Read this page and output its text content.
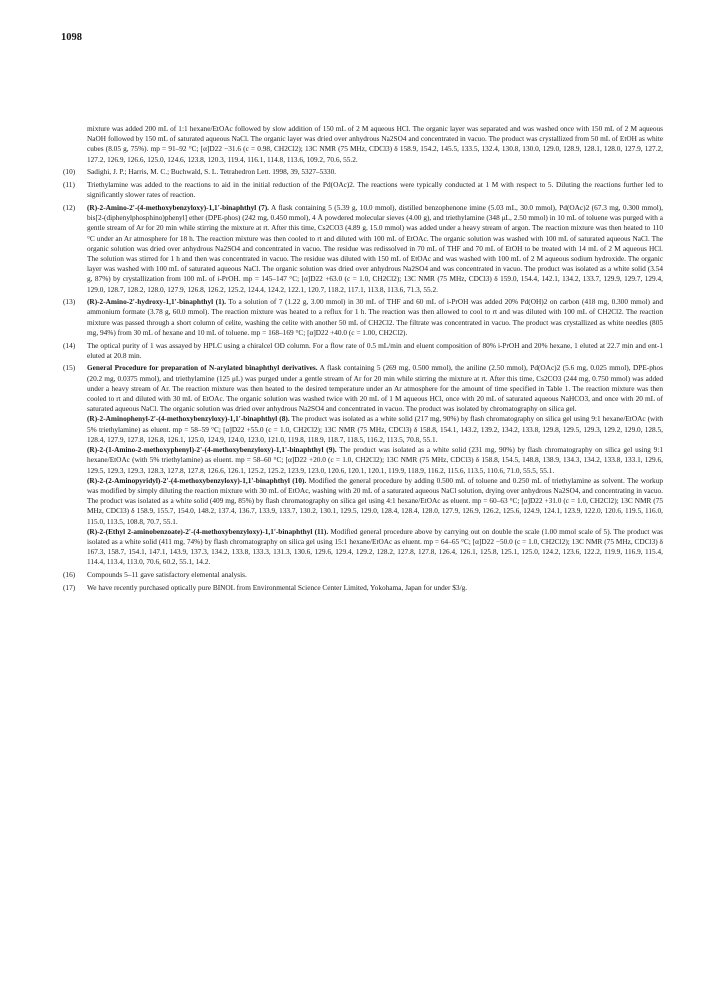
1098

mixture was added 200 mL of 1:1 hexane/EtOAc followed by slow addition of 150 mL of 2 M aqueous HCl. The organic layer was separated and was washed once with 150 mL of 2 M aqueous NaOH followed by 150 mL of saturated aqueous NaCl. The organic layer was dried over anhydrous Na2SO4 and concentrated in vacuo. The product was crystallized from 50 mL of EtOH as white cubes (8.05 g, 75%). mp = 91–92 °C; [α]D22 −31.6 (c = 0.98, CH2Cl2); 13C NMR (75 MHz, CDCl3) δ 158.9, 154.2, 145.5, 133.5, 132.4, 130.8, 130.0, 129.0, 128.9, 128.1, 128.0, 127.9, 127.2, 127.2, 126.9, 126.6, 125.0, 124.6, 123.8, 120.3, 119.4, 116.1, 114.8, 113.6, 109.2, 70.6, 55.2.

(10)	Sadighi, J. P.; Harris, M. C.; Buchwald, S. L. Tetrahedron Lett. 1998, 39, 5327–5330.

(11)	Triethylamine was added to the reactions to aid in the initial reduction of the Pd(OAc)2. The reactions were typically conducted at 1 M with respect to 5. Diluting the reactions further led to significantly slower rates of reaction.

(12)	(R)-2-Amino-2'-(4-methoxybenzyloxy)-1,1'-binaphthyl (7). A flask containing 5 (5.39 g, 10.0 mmol), distilled benzophenone imine (5.03 mL, 30.0 mmol), Pd(OAc)2 (67.3 mg, 0.300 mmol), bis[2-(diphenylphosphino)phenyl] ether (DPE-phos) (242 mg, 0.450 mmol), 4 Å powdered molecular sieves (4.00 g), and triethylamine (348 μL, 2.50 mmol) in 10 mL of toluene was purged with a gentle stream of Ar for 20 min while stirring the mixture at rt. After this time, Cs2CO3 (4.89 g, 15.0 mmol) was added under a heavy stream of argon. The reaction mixture was then heated to 110 °C under an Ar atmosphere for 18 h. The reaction mixture was then cooled to rt and diluted with 100 mL of EtOAc. The organic solution was washed with 100 mL of saturated aqueous NaCl. The organic solution was dried over anhydrous Na2SO4 and concentrated in vacuo. The residue was redissolved in 70 mL of THF and 70 mL of EtOH to be treated with 14 mL of 2 M aqueous HCl. The solution was stirred for 1 h and then was concentrated in vacuo. The residue was diluted with 150 mL of EtOAc and was washed with 100 mL of 2 M aqueous sodium hydroxide. The organic layer was washed with 100 mL of saturated aqueous NaCl. The organic solution was dried over anhydrous Na2SO4 and was concentrated in vacuo. The product was isolated as a white solid (3.54 g, 87%) by crystallization from 100 mL of i-PrOH. mp = 145–147 °C; [α]D22 +63.0 (c = 1.0, CH2Cl2); 13C NMR (75 MHz, CDCl3) δ 159.0, 154.4, 142.1, 134.2, 133.7, 129.9, 129.7, 129.4, 129.0, 128.7, 128.2, 128.0, 127.9, 126.8, 126.2, 125.2, 124.4, 124.2, 122.1, 120.7, 118.2, 117.1, 113.8, 113.6, 71.3, 55.2.

(13)	(R)-2-Amino-2'-hydroxy-1,1'-binaphthyl (1). To a solution of 7 (1.22 g, 3.00 mmol) in 30 mL of THF and 60 mL of i-PrOH was added 20% Pd(OH)2 on carbon (418 mg, 0.300 mmol) and ammonium formate (3.78 g, 60.0 mmol). The reaction mixture was heated to a reflux for 1 h. The reaction was then allowed to cool to rt and was diluted with 100 mL of CH2Cl2. The reaction mixture was passed through a short column of celite, washing the celite with another 50 mL of CH2Cl2. The filtrate was concentrated in vacuo. The product was crystallized as white needles (805 mg, 94%) from 30 mL of hexane and 10 mL of toluene. mp = 168–169 °C; [α]D22 +40.0 (c = 1.00, CH2Cl2).

(14)	The optical purity of 1 was assayed by HPLC using a chiralcel OD column. For a flow rate of 0.5 mL/min and eluent composition of 80% i-PrOH and 20% hexane, 1 eluted at 22.7 min and ent-1 eluted at 20.8 min.

(15)	General Procedure for preparation of N-arylated binaphthyl derivatives. A flask containing 5 (269 mg, 0.500 mmol), the aniline (2.50 mmol), Pd(OAc)2 (5.6 mg, 0.025 mmol), DPE-phos (20.2 mg, 0.0375 mmol), and triethylamine (125 μL) was purged under a gentle stream of Ar for 20 min while stirring the mixture at rt. After this time, Cs2CO3 (244 mg, 0.750 mmol) was added under a heavy stream of Ar. The reaction mixture was then heated to the desired temperature under an Ar atmosphere for the amount of time specified in Table 1. The reaction mixture was then cooled to rt and diluted with 30 mL of EtOAc. The organic solution was washed twice with 20 mL of 1 M aqueous HCl, once with 20 mL of saturated aqueous NaHCO3, and once with 20 mL of saturated aqueous NaCl. The organic solution was dried over anhydrous Na2SO4 and concentrated in vacuo. The product was isolated by chromatography on silica gel.

(R)-2-Aminophenyl-2'-(4-methoxybenzyloxy)-1,1'-binaphthyl (8). The product was isolated as a white solid (217 mg, 90%) by flash chromatography on silica gel using 9:1 hexane/EtOAc (with 5% triethylamine) as eluent. mp = 58–59 °C; [α]D22 +55.0 (c = 1.0, CH2Cl2); 13C NMR (75 MHz, CDCl3) δ 158.8, 154.1, 143.2, 139.2, 134.2, 133.8, 129.8, 129.5, 129.3, 129.2, 129.0, 128.5, 128.4, 127.9, 127.8, 126.8, 126.1, 125.0, 124.9, 124.0, 123.0, 121.0, 119.8, 118.9, 118.7, 118.5, 116.2, 113.5, 70.8, 55.1.

(R)-2-(1-Amino-2-methoxyphenyl)-2'-(4-methoxybenzyloxy)-1,1'-binaphthyl (9). The product was isolated as a white solid (231 mg, 90%) by flash chromatography on silica gel using 9:1 hexane/EtOAc (with 5% triethylamine) as eluent. mp = 58–60 °C; [α]D22 +20.0 (c = 1.0, CH2Cl2); 13C NMR (75 MHz, CDCl3) δ 158.8, 154.5, 148.8, 138.9, 134.3, 134.2, 133.8, 133.1, 129.6, 129.5, 129.3, 129.3, 128.3, 127.8, 127.8, 126.6, 126.1, 125.2, 125.2, 123.9, 123.0, 120.6, 120.1, 120.1, 119.9, 118.9, 116.2, 115.6, 113.5, 110.6, 71.0, 55.5, 55.1.

(R)-2-(2-Aminopyridyl)-2'-(4-methoxybenzyloxy)-1,1'-binaphthyl (10). Modified the general procedure by adding 0.500 mL of toluene and 0.250 mL of triethylamine as solvent. The workup was modified by simply diluting the reaction mixture with 30 mL of EtOAc, washing with 20 mL of a saturated aqueous NaCl solution, drying over anhydrous Na2SO4, and concentrating in vacuo. The product was isolated as a white solid (409 mg, 85%) by flash chromatography on silica gel using 4:1 hexane/EtOAc as eluent. mp = 60–63 °C; [α]D22 +31.0 (c = 1.0, CH2Cl2); 13C NMR (75 MHz, CDCl3) δ 158.9, 155.7, 154.0, 148.2, 137.4, 136.7, 133.9, 133.7, 130.2, 130.1, 129.5, 129.0, 128.4, 128.4, 128.0, 127.9, 126.9, 126.2, 125.6, 124.9, 124.1, 123.9, 122.0, 120.6, 119.5, 116.0, 115.0, 113.5, 108.8, 70.7, 55.1.

(R)-2-(Ethyl 2-aminobenzoate)-2'-(4-methoxybenzyloxy)-1,1'-binaphthyl (11). Modified general procedure above by carrying out on double the scale (1.00 mmol scale of 5). The product was isolated as a white solid (411 mg, 74%) by flash chromatography on silica gel using 15:1 hexane/EtOAc as eluent. mp = 64–65 °C; [α]D22 −50.0 (c = 1.0, CH2Cl2); 13C NMR (75 MHz, CDCl3) δ 167.3, 158.7, 154.1, 147.1, 143.9, 137.3, 134.2, 133.8, 133.3, 131.3, 130.6, 129.6, 129.4, 129.2, 128.2, 127.8, 127.8, 126.4, 126.1, 125.8, 125.1, 125.0, 124.2, 123.6, 122.2, 119.9, 116.9, 115.4, 114.4, 113.4, 113.0, 70.6, 60.2, 55.1, 14.2.

(16)	Compounds 5–11 gave satisfactory elemental analysis.

(17)	We have recently purchased optically pure BINOL from Environmental Science Center Limited, Yokohama, Japan for under $3/g.
